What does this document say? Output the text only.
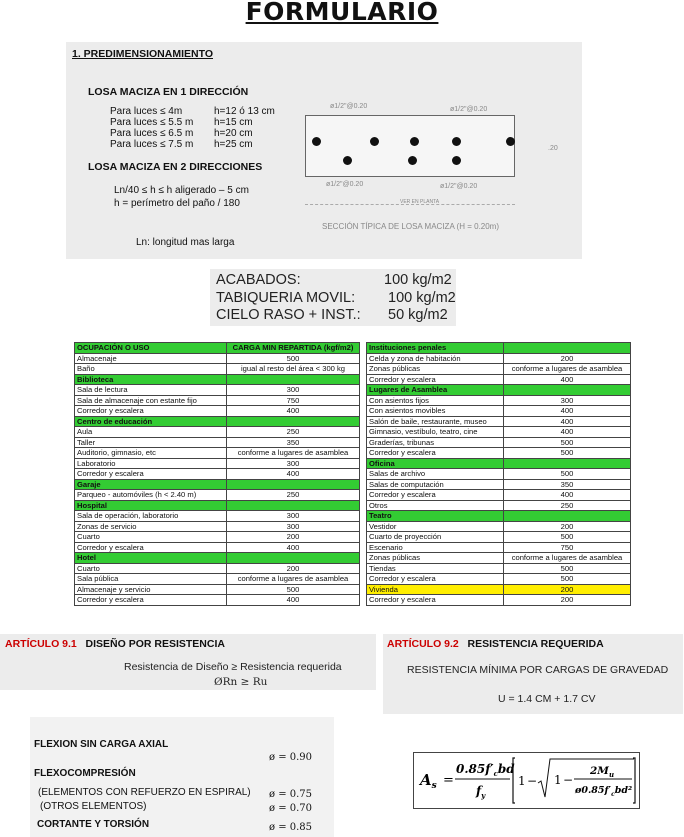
FORMULARIO
1. PREDIMENSIONAMIENTO
LOSA MACIZA EN 1 DIRECCIÓN
Para luces ≤ 4m	h=12 ó 13 cm
Para luces ≤ 5.5 m h=15 cm
Para luces ≤ 6.5 m h=20 cm
Para luces ≤ 7.5 m h=25 cm
LOSA MACIZA EN 2 DIRECCIONES
Ln/40 ≤ h ≤ h aligerado – 5 cm
h = perímetro del paño / 180
Ln: longitud mas larga
ø1/2"@0.20	ø1/2"@0.20
.20
ø1/2"@0.20	ø1/2"@0.20
VER EN PLANTA
SECCIÓN TÍPICA DE LOSA MACIZA (H = 0.20m)
ACABADOS:	100 kg/m2
TABIQUERIA MOVIL: 100 kg/m2
CIELO RASO + INST.: 50 kg/m2
OCUPACIÓN O USO	CARGA MIN REPARTIDA (kgf/m2)
Almacenaje	500
Baño	igual al resto del área < 300 kg
Biblioteca	
Sala de lectura	300
Sala de almacenaje con estante fijo	750
Corredor y escalera	400
Centro de educación	
Aula	250
Taller	350
Auditorio, gimnasio, etc	conforme a lugares de asamblea
Laboratorio	300
Corredor y escalera	400
Garaje	
Parqueo - automóviles (h < 2.40 m)	250
Hospital	
Sala de operación, laboratorio	300
Zonas de servicio	300
Cuarto	200
Corredor y escalera	400
Hotel	
Cuarto	200
Sala pública	conforme a lugares de asamblea
Almacenaje y servicio	500
Corredor y escalera	400
Instituciones penales	
Celda y zona de habitación	200
Zonas públicas	conforme a lugares de asamblea
Corredor y escalera	400
Lugares de Asamblea	
Con asientos fijos	300
Con asientos movibles	400
Salón de baile, restaurante, museo	400
Gimnasio, vestíbulo, teatro, cine	400
Graderías, tribunas	500
Corredor y escalera	500
Oficina	
Salas de archivo	500
Salas de computación	350
Corredor y escalera	400
Otros	250
Teatro	
Vestidor	200
Cuarto de proyección	500
Escenario	750
Zonas públicas	conforme a lugares de asamblea
Tiendas	500
Corredor y escalera	500
Vivienda	200
Corredor y escalera	200
ARTÍCULO 9.1 DISEÑO POR RESISTENCIA
Resistencia de Diseño ≥ Resistencia requerida
ØRn ≥ Ru
ARTÍCULO 9.2 RESISTENCIA REQUERIDA
RESISTENCIA MÍNIMA POR CARGAS DE GRAVEDAD
U = 1.4 CM + 1.7 CV
FLEXION SIN CARGA AXIAL
ø = 0.90
FLEXOCOMPRESIÓN
(ELEMENTOS CON REFUERZO EN ESPIRAL) ø = 0.75
(OTROS ELEMENTOS)	ø = 0.70
CORTANTE Y TORSIÓN	ø = 0.85
$A_s$ =
$0.85f'_cbd$
$f_y$
1 − 1 −
$2M_u$
$ø0.85f'_cbd^2$
